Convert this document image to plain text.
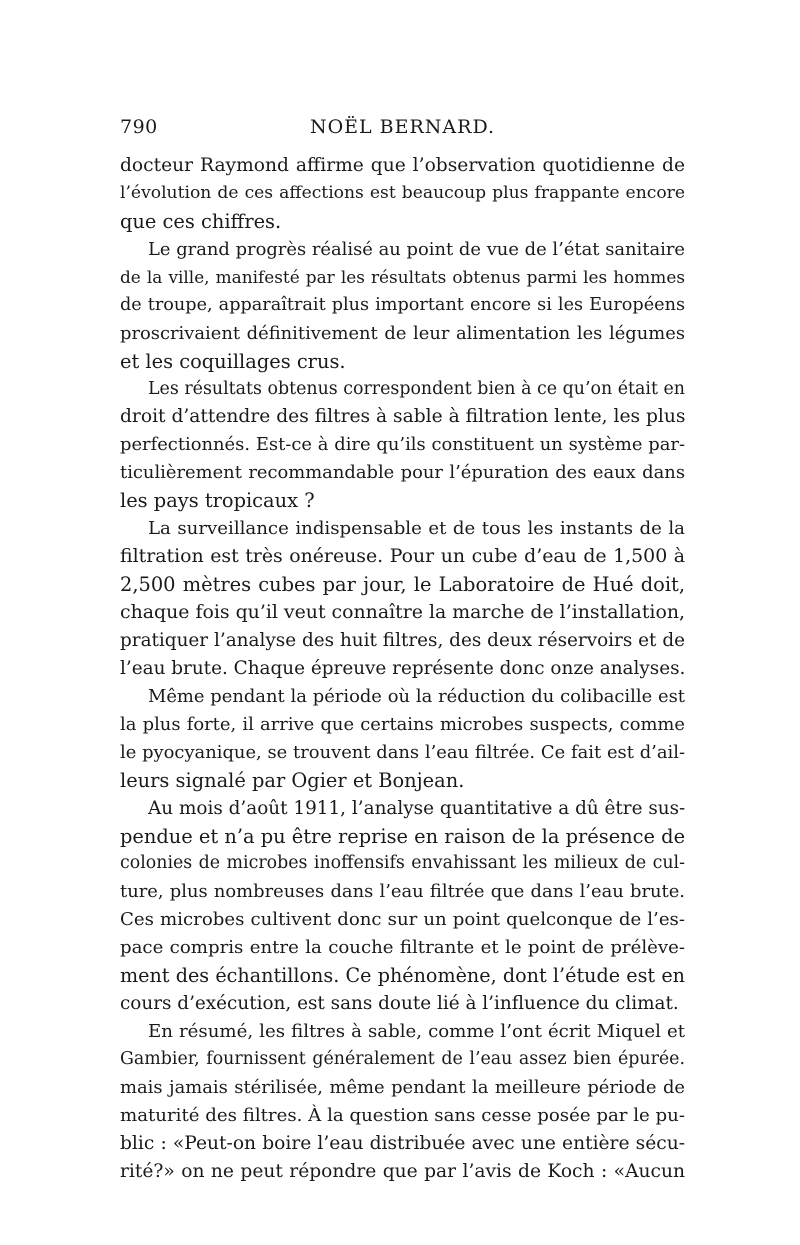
790	NOËL BERNARD.
docteur Raymond affirme que l’observation quotidienne de
l’évolution de ces affections est beaucoup plus frappante encore
que ces chiffres.
Le grand progrès réalisé au point de vue de l’état sanitaire
de la ville, manifesté par les résultats obtenus parmi les hommes
de troupe, apparaîtrait plus important encore si les Européens
proscrivaient définitivement de leur alimentation les légumes
et les coquillages crus.
Les résultats obtenus correspondent bien à ce qu’on était en
droit d’attendre des filtres à sable à filtration lente, les plus
perfectionnés. Est-ce à dire qu’ils constituent un système par-
ticulièrement recommandable pour l’épuration des eaux dans
les pays tropicaux ?
La surveillance indispensable et de tous les instants de la
filtration est très onéreuse. Pour un cube d’eau de 1,500 à
2,500 mètres cubes par jour, le Laboratoire de Hué doit,
chaque fois qu’il veut connaître la marche de l’installation,
pratiquer l’analyse des huit filtres, des deux réservoirs et de
l’eau brute. Chaque épreuve représente donc onze analyses.
Même pendant la période où la réduction du colibacille est
la plus forte, il arrive que certains microbes suspects, comme
le pyocyanique, se trouvent dans l’eau filtrée. Ce fait est d’ail-
leurs signalé par Ogier et Bonjean.
Au mois d’août 1911, l’analyse quantitative a dû être sus-
pendue et n’a pu être reprise en raison de la présence de
colonies de microbes inoffensifs envahissant les milieux de cul-
ture, plus nombreuses dans l’eau filtrée que dans l’eau brute.
Ces microbes cultivent donc sur un point quelconque de l’es-
pace compris entre la couche filtrante et le point de prélève-
ment des échantillons. Ce phénomène, dont l’étude est en
cours d’exécution, est sans doute lié à l’influence du climat.
En résumé, les filtres à sable, comme l’ont écrit Miquel et
Gambier, fournissent généralement de l’eau assez bien épurée.
mais jamais stérilisée, même pendant la meilleure période de
maturité des filtres. À la question sans cesse posée par le pu-
blic : «Peut-on boire l’eau distribuée avec une entière sécu-
rité?» on ne peut répondre que par l’avis de Koch : «Aucun
